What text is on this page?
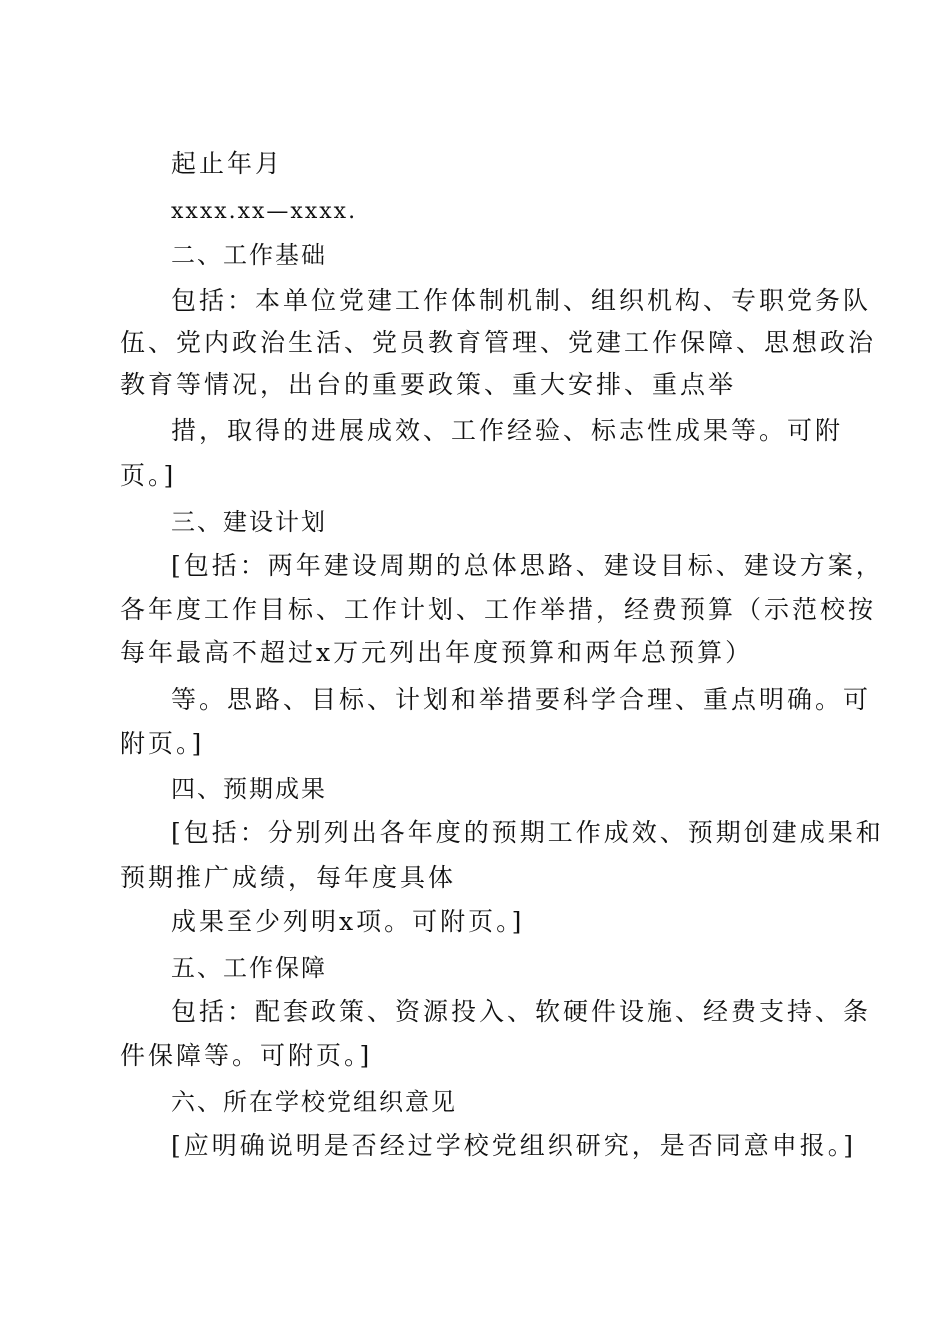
起止年月
xxxx.xx—xxxx.
二、工作基础
包括：本单位党建工作体制机制、组织机构、专职党务队
伍、党内政治生活、党员教育管理、党建工作保障、思想政治
教育等情况，出台的重要政策、重大安排、重点举
措，取得的进展成效、工作经验、标志性成果等。可附
页。]
三、建设计划
[包括：两年建设周期的总体思路、建设目标、建设方案，
各年度工作目标、工作计划、工作举措，经费预算（示范校按
每年最高不超过x万元列出年度预算和两年总预算）
等。思路、目标、计划和举措要科学合理、重点明确。可
附页。]
四、预期成果
[包括：分别列出各年度的预期工作成效、预期创建成果和
预期推广成绩，每年度具体
成果至少列明x项。可附页。]
五、工作保障
包括：配套政策、资源投入、软硬件设施、经费支持、条
件保障等。可附页。]
六、所在学校党组织意见
[应明确说明是否经过学校党组织研究，是否同意申报。]
